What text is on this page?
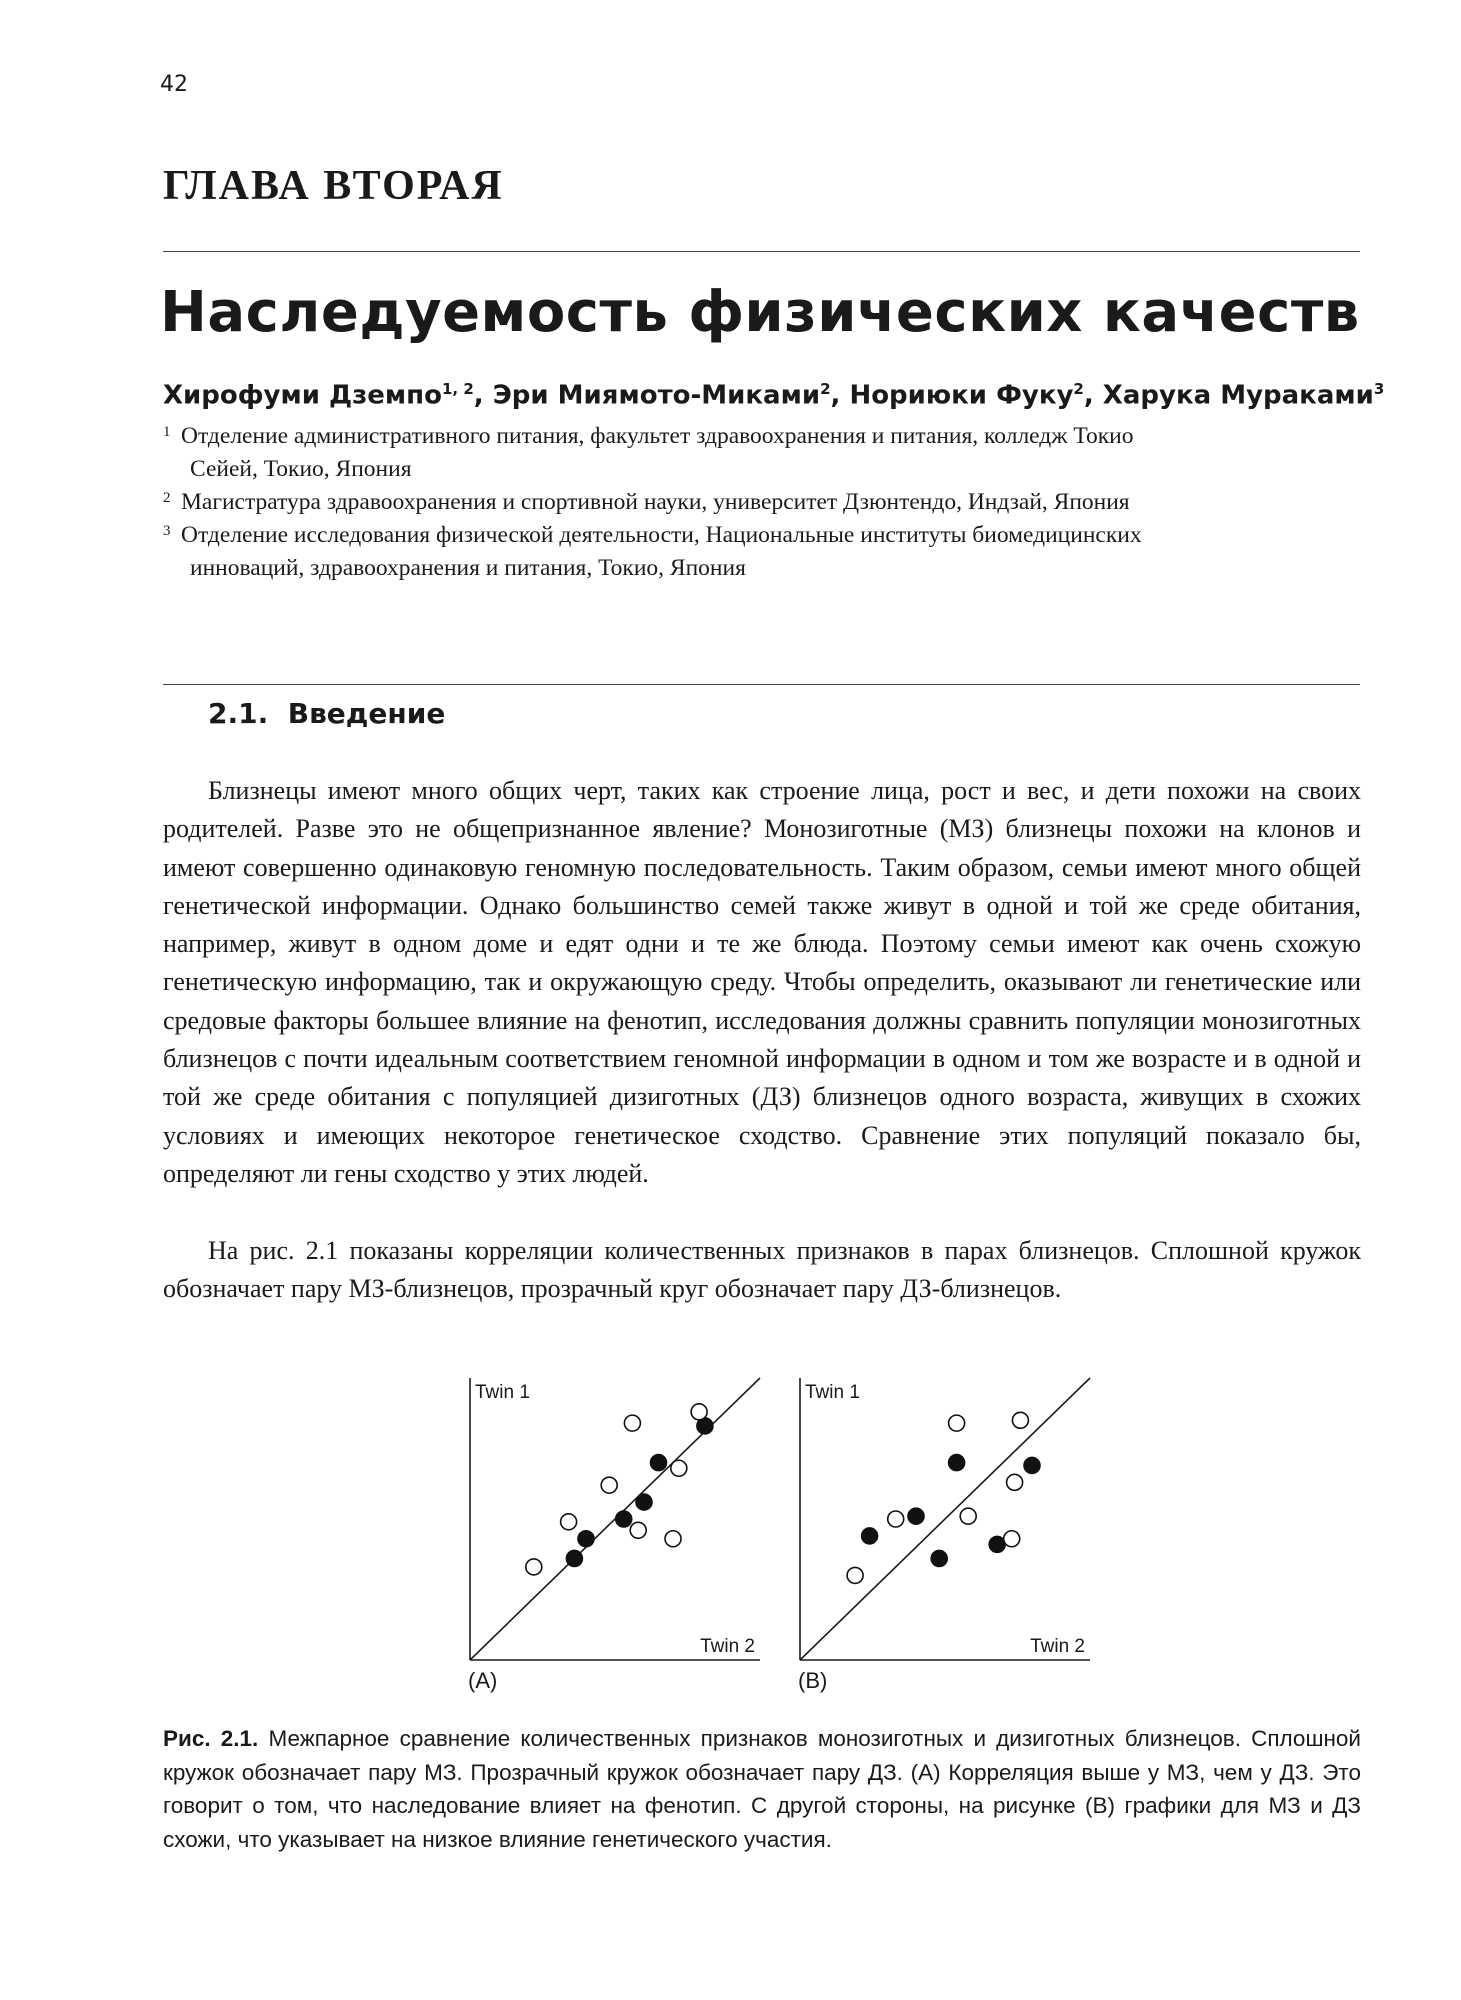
42
ГЛАВА ВТОРАЯ
Наследуемость физических качеств
Хирофуми Дземпо$^{1, 2}$, Эри Миямото-Миками$^2$, Нориюки Фуку$^2$, Харука Мураками$^3$
1 Отделение административного питания, факультет здравоохранения и питания, колледж Токио
Сейей, Токио, Япония
2 Магистратура здравоохранения и спортивной науки, университет Дзюнтендо, Индзай, Япония
3 Отделение исследования физической деятельности, Национальные институты биомедицинских
инноваций, здравоохранения и питания, Токио, Япония
2.1.  Введение

Близнецы имеют много общих черт, таких как строение лица, рост и вес, и дети похожи на своих родителей. Разве это не общепризнанное явление? Монозиготные (МЗ) близнецы похожи на клонов и имеют совершенно одинаковую геномную последовательность. Таким образом, семьи имеют много общей генетической информации. Однако большинство семей также живут в одной и той же среде обитания, например, живут в одном доме и едят одни и те же блюда. Поэтому семьи имеют как очень схожую генетическую информацию, так и окружающую среду. Чтобы определить, оказывают ли генетические или средовые факторы большее влияние на фенотип, исследования должны сравнить популяции монозиготных близнецов с почти идеальным соответствием геномной информации в одном и том же возрасте и в одной и той же среде обитания с популяцией дизиготных (ДЗ) близнецов одного возраста, живущих в схожих условиях и имеющих некоторое генетическое сходство. Сравнение этих популяций показало бы, определяют ли гены сходство у этих людей.

На рис. 2.1 показаны корреляции количественных признаков в парах близнецов. Сплошной кружок обозначает пару МЗ-близнецов, прозрачный круг обозначает пару ДЗ-близнецов.

Twin 1
Twin 2
(A)
Twin 1
Twin 2
(B)
Рис. 2.1. Межпарное сравнение количественных признаков монозиготных и дизиготных близнецов. Сплошной кружок обозначает пару МЗ. Прозрачный кружок обозначает пару ДЗ. (А) Корреляция выше у МЗ, чем у ДЗ. Это говорит о том, что наследование влияет на фенотип. С другой стороны, на рисунке (В) графики для МЗ и ДЗ схожи, что указывает на низкое влияние генетического участия.
